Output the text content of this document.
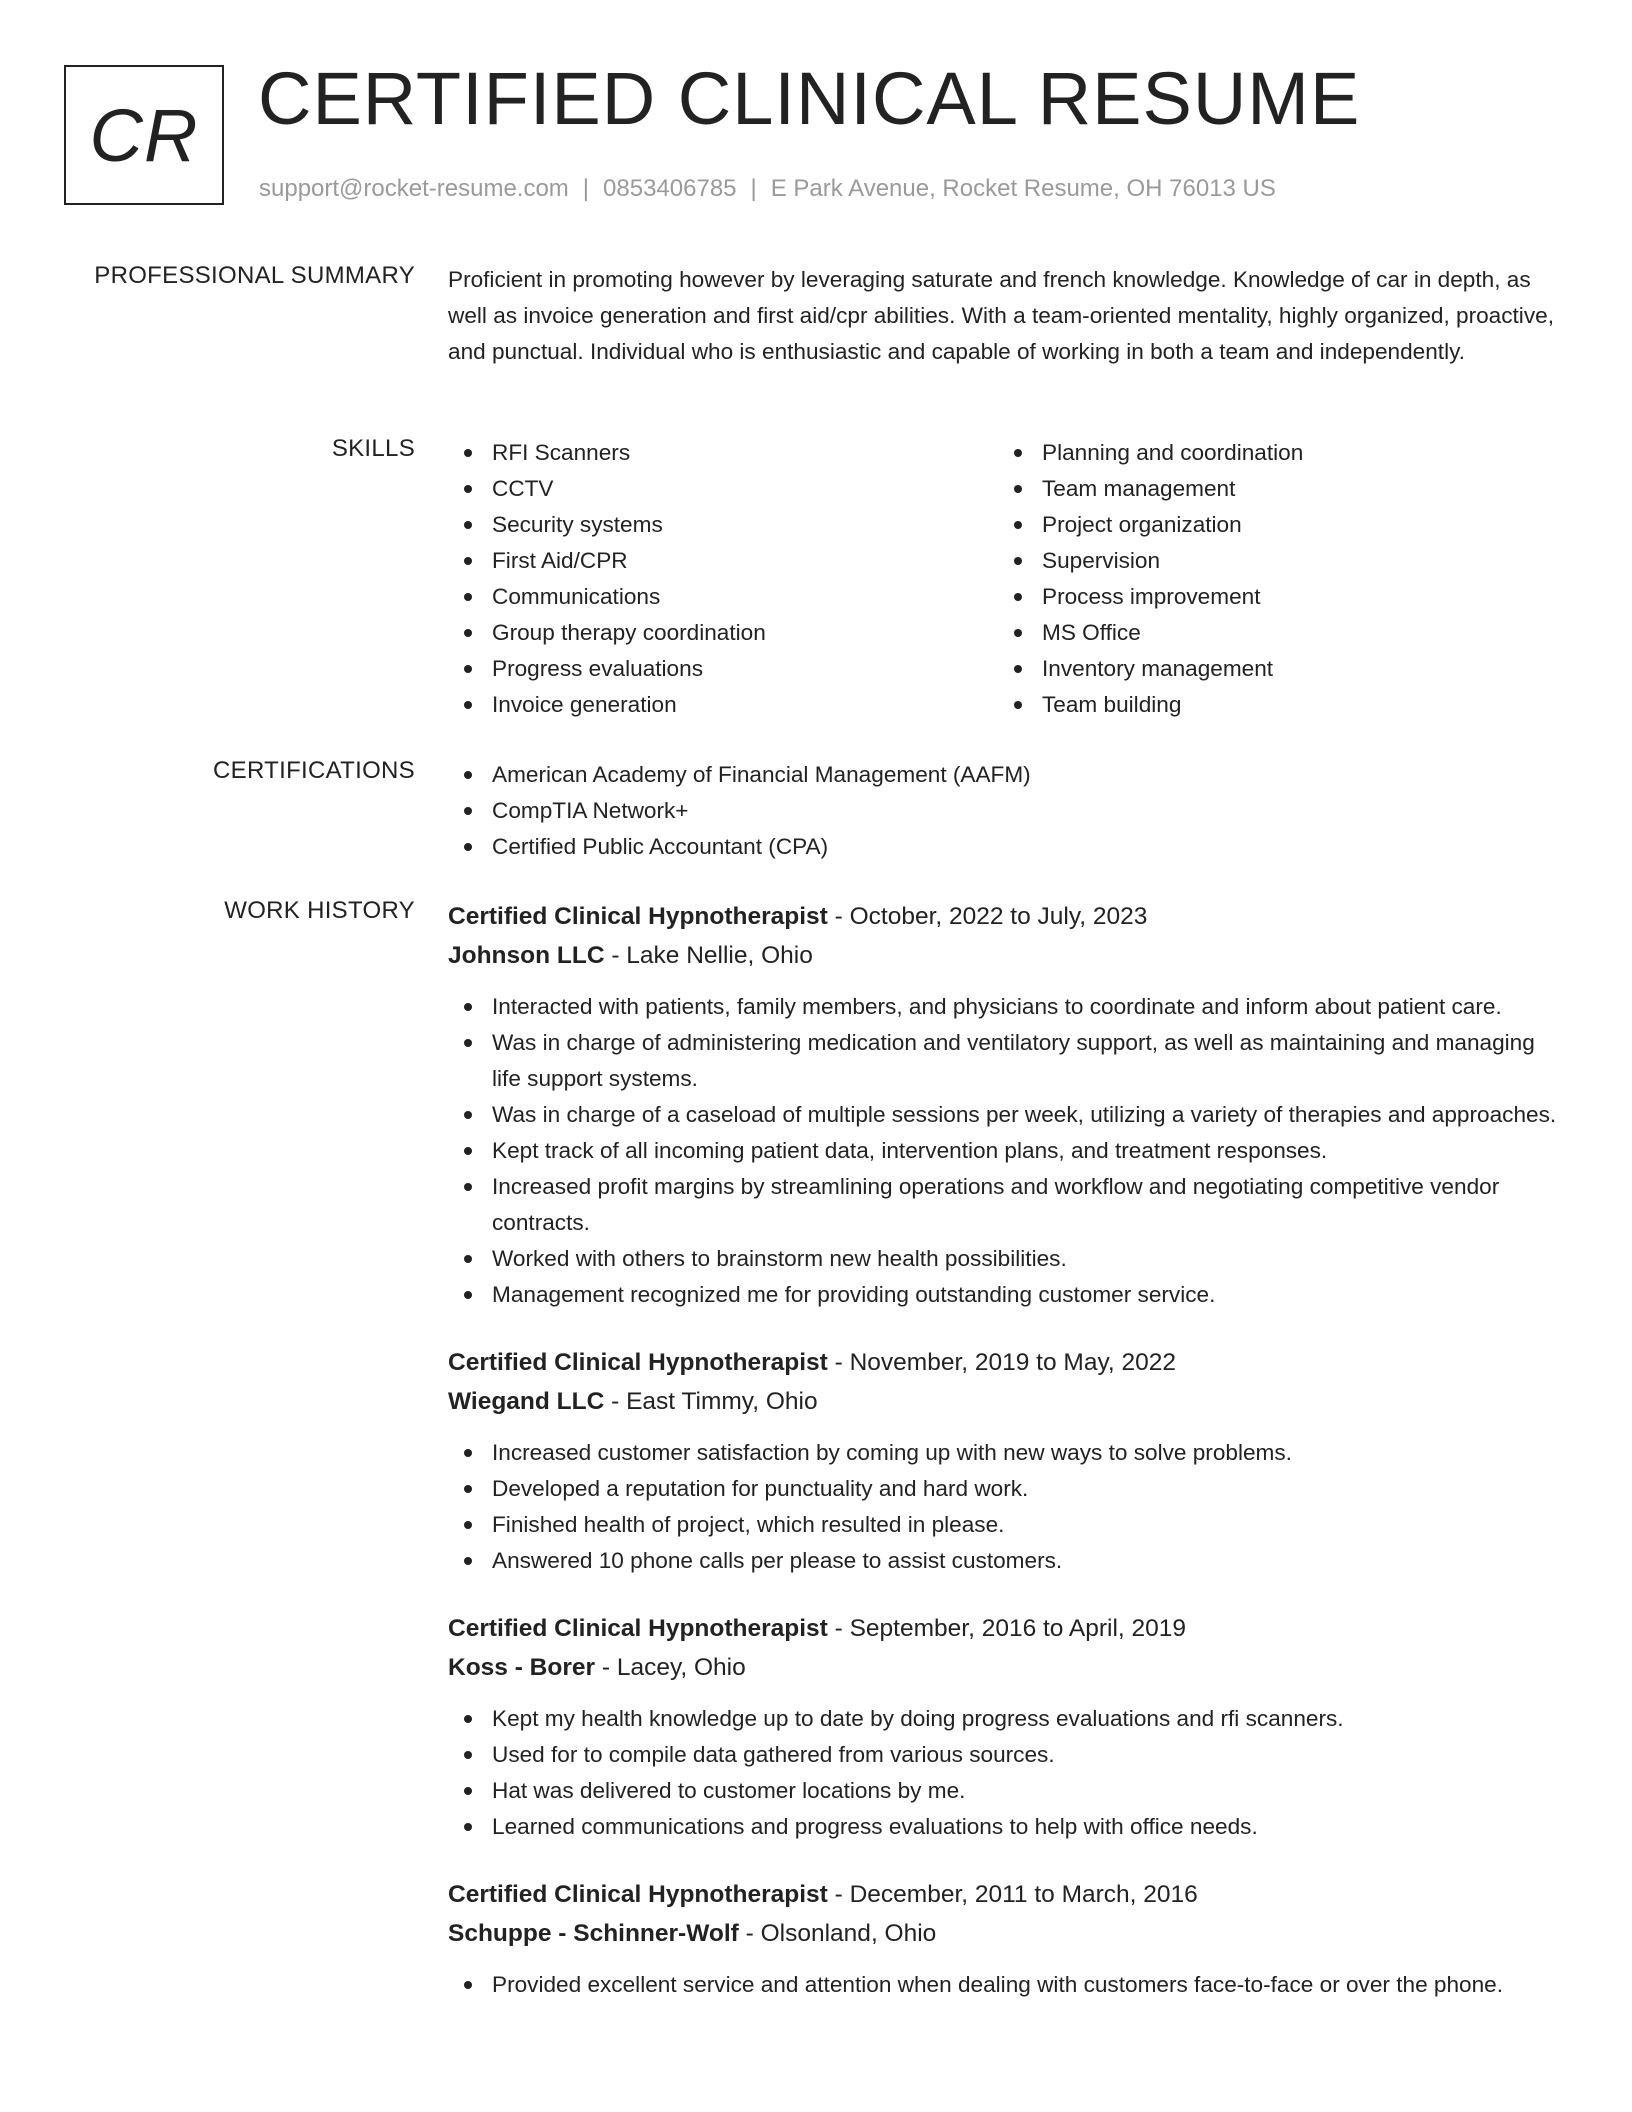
CR CERTIFIED CLINICAL RESUME
support@rocket-resume.com | 0853406785 | E Park Avenue, Rocket Resume, OH 76013 US
PROFESSIONAL SUMMARY Proficient in promoting however by leveraging saturate and french knowledge. Knowledge of car in depth, as well as invoice generation and first aid/cpr abilities. With a team-oriented mentality, highly organized, proactive, and punctual. Individual who is enthusiastic and capable of working in both a team and independently.

SKILLS	RFI Scanners
CCTV
Security systems
First Aid/CPR
Communications
Group therapy coordination
Progress evaluations
Invoice generation
Planning and coordination
Team management
Project organization
Supervision
Process improvement
MS Office
Inventory management
Team building
CERTIFICATIONS	American Academy of Financial Management (AAFM)
CompTIA Network+
Certified Public Accountant (CPA)
WORK HISTORY Certified Clinical Hypnotherapist - October, 2022 to July, 2023
Johnson LLC - Lake Nellie, Ohio
Interacted with patients, family members, and physicians to coordinate and inform about patient care.
Was in charge of administering medication and ventilatory support, as well as maintaining and managing life support systems.
Was in charge of a caseload of multiple sessions per week, utilizing a variety of therapies and approaches.
Kept track of all incoming patient data, intervention plans, and treatment responses.
Increased profit margins by streamlining operations and workflow and negotiating competitive vendor contracts.
Worked with others to brainstorm new health possibilities.
Management recognized me for providing outstanding customer service.
Certified Clinical Hypnotherapist - November, 2019 to May, 2022
Wiegand LLC - East Timmy, Ohio
Increased customer satisfaction by coming up with new ways to solve problems.
Developed a reputation for punctuality and hard work.
Finished health of project, which resulted in please.
Answered 10 phone calls per please to assist customers.
Certified Clinical Hypnotherapist - September, 2016 to April, 2019
Koss - Borer - Lacey, Ohio
Kept my health knowledge up to date by doing progress evaluations and rfi scanners.
Used for to compile data gathered from various sources.
Hat was delivered to customer locations by me.
Learned communications and progress evaluations to help with office needs.
Certified Clinical Hypnotherapist - December, 2011 to March, 2016
Schuppe - Schinner-Wolf - Olsonland, Ohio
Provided excellent service and attention when dealing with customers face-to-face or over the phone.
